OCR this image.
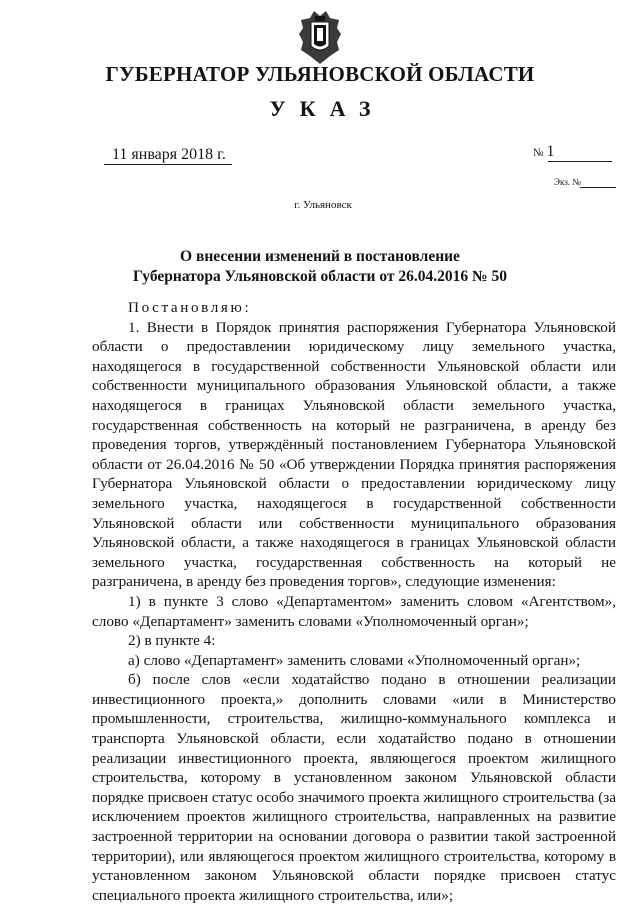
ГУБЕРНАТОР УЛЬЯНОВСКОЙ ОБЛАСТИ
УКАЗ
11 января 2018 г.	№ 1
Экз. №
г. Ульяновск
О внесении изменений в постановление
Губернатора Ульяновской области от 26.04.2016 № 50

Постановляю:

1. Внести в Порядок принятия распоряжения Губернатора Ульяновской области о предоставлении юридическому лицу земельного участка, находящегося в государственной собственности Ульяновской области или собственности муниципального образования Ульяновской области, а также находящегося в границах Ульяновской области земельного участка, государственная собственность на который не разграничена, в аренду без проведения торгов, утверждённый постановлением Губернатора Ульяновской области от 26.04.2016 № 50 «Об утверждении Порядка принятия распоряжения Губернатора Ульяновской области о предоставлении юридическому лицу земельного участка, находящегося в государственной собственности Ульяновской области или собственности муниципального образования Ульяновской области, а также находящегося в границах Ульяновской области земельного участка, государственная собственность на который не разграничена, в аренду без проведения торгов», следующие изменения:

1) в пункте 3 слово «Департаментом» заменить словом «Агентством», слово «Департамент» заменить словами «Уполномоченный орган»;

2) в пункте 4:

а) слово «Департамент» заменить словами «Уполномоченный орган»;

б) после слов «если ходатайство подано в отношении реализации инвестиционного проекта,» дополнить словами «или в Министерство промышленности, строительства, жилищно-коммунального комплекса и транспорта Ульяновской области, если ходатайство подано в отношении реализации инвестиционного проекта, являющегося проектом жилищного строительства, которому в установленном законом Ульяновской области порядке присвоен статус особо значимого проекта жилищного строительства (за исключением проектов жилищного строительства, направленных на развитие застроенной территории на основании договора о развитии такой застроенной территории), или являющегося проектом жилищного строительства, которому в установленном законом Ульяновской области порядке присвоен статус специального проекта жилищного строительства, или»;
